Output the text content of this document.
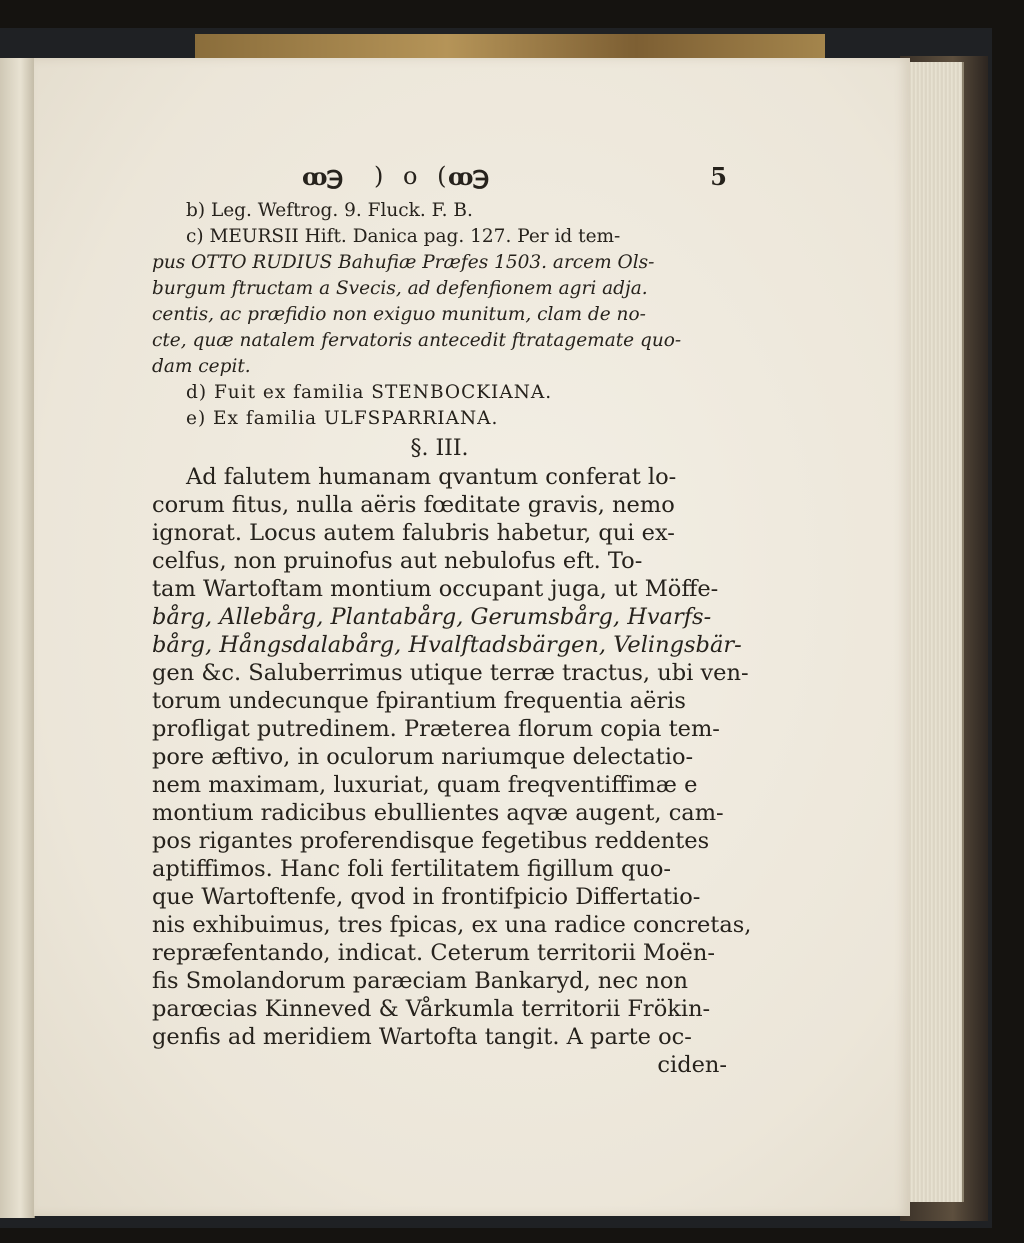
ꝏ℈ ) o (
ꝏ℈	5
b) Leg. Weftrog. 9. Fluck. F. B.
c) MEURSII Hift. Danica pag. 127. Per id tem-
pus OTTO RUDIUS Bahufiæ Præfes 1503. arcem Ols-
burgum ftructam a Svecis, ad defenfionem agri adja.
centis, ac præfidio non exiguo munitum, clam de no-
cte, quæ natalem fervatoris antecedit ftratagemate quo-
dam cepit.
d) Fuit ex familia STENBOCKIANA.
e) Ex familia ULFSPARRIANA.
§. III.
Ad falutem humanam qvantum conferat lo-
corum fitus, nulla aëris fœditate gravis, nemo
ignorat. Locus autem falubris habetur, qui ex-
celfus, non pruinofus aut nebulofus eft. To-
tam Wartoftam montium occupant juga, ut Möffe-
bårg, Allebårg, Plantabårg, Gerumsbårg, Hvarfs-
bårg, Hångsdalabårg, Hvalftadsbärgen, Velingsbär-
gen &c. Saluberrimus utique terræ tractus, ubi ven-
torum undecunque fpirantium frequentia aëris
profligat putredinem. Præterea florum copia tem-
pore æftivo, in oculorum nariumque delectatio-
nem maximam, luxuriat, quam freqventiffimæ e
montium radicibus ebullientes aqvæ augent, cam-
pos rigantes proferendisque fegetibus reddentes
aptiffimos. Hanc foli fertilitatem figillum quo-
que Wartoftenfe, qvod in frontifpicio Differtatio-
nis exhibuimus, tres fpicas, ex una radice concretas,
repræfentando, indicat. Ceterum territorii Moën-
fis Smolandorum paræciam Bankaryd, nec non
parœcias Kinneved & Vårkumla territorii Frökin-
genfis ad meridiem Wartofta tangit. A parte oc-
ciden-
